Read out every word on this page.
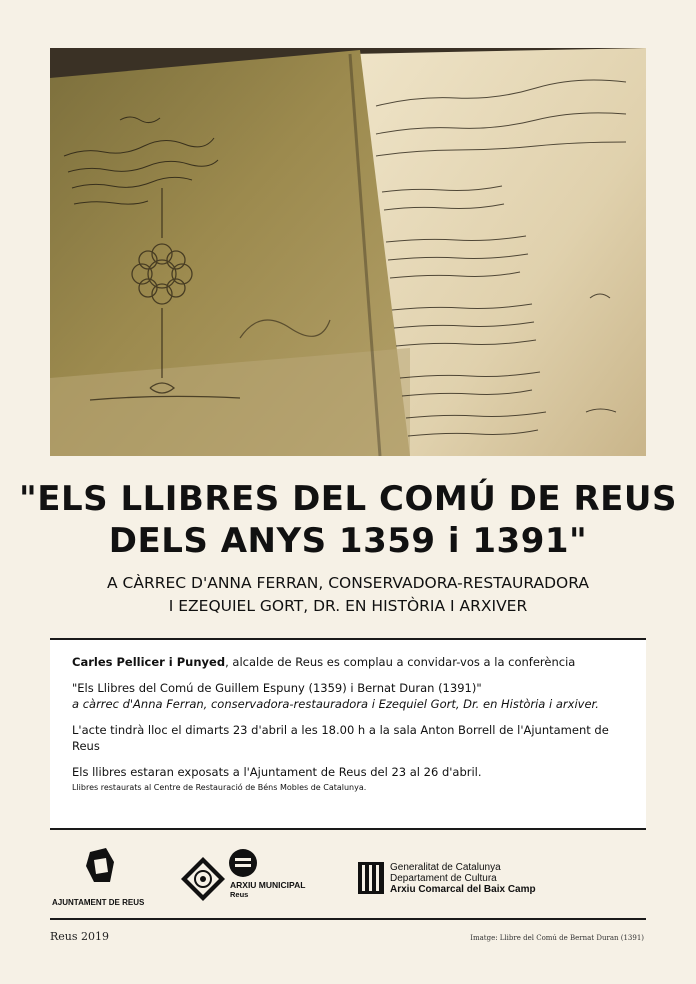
"ELS LLIBRES DEL COMÚ DE REUS
DELS ANYS 1359 i 1391"
A CÀRREC D'ANNA FERRAN, CONSERVADORA-RESTAURADORA
I EZEQUIEL GORT, DR. EN HISTÒRIA I ARXIVER

Carles Pellicer i Punyed, alcalde de Reus es complau a convidar-vos a la conferència

"Els Llibres del Comú de Guillem Espuny (1359) i Bernat Duran (1391)"

a càrrec d'Anna Ferran, conservadora-restauradora i Ezequiel Gort, Dr. en Història i arxiver.

L'acte tindrà lloc el dimarts 23 d'abril a les 18.00 h a la sala Anton Borrell de l'Ajuntament de Reus

Els llibres estaran exposats a l'Ajuntament de Reus del 23 al 26 d'abril.

Llibres restaurats al Centre de Restauració de Béns Mobles de Catalunya.

AJUNTAMENT DE REUS
ARXIU MUNICIPAL
Reus
Generalitat de Catalunya
Departament de Cultura
Arxiu Comarcal del Baix Camp
Reus 2019	Imatge: Llibre del Comú de Bernat Duran (1391)
